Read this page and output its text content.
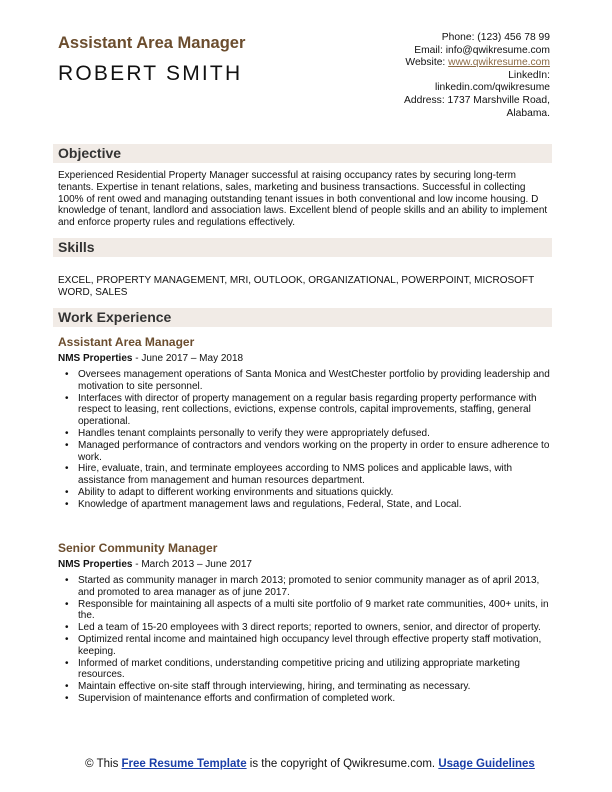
Assistant Area Manager
ROBERT SMITH
Phone: (123) 456 78 99
Email: info@qwikresume.com
Website: www.qwikresume.com
LinkedIn:
linkedin.com/qwikresume
Address: 1737 Marshville Road,
Alabama.
Objective
Experienced Residential Property Manager successful at raising occupancy rates by securing long-term tenants. Expertise in tenant relations, sales, marketing and business transactions. Successful in collecting 100% of rent owed and managing outstanding tenant issues in both conventional and low income housing. D knowledge of tenant, landlord and association laws. Excellent blend of people skills and an ability to implement and enforce property rules and regulations effectively.
Skills
EXCEL, PROPERTY MANAGEMENT, MRI, OUTLOOK, ORGANIZATIONAL, POWERPOINT, MICROSOFT WORD, SALES
Work Experience
Assistant Area Manager
NMS Properties - June 2017 – May 2018
• Oversees management operations of Santa Monica and WestChester portfolio by providing leadership and motivation to site personnel.
• Interfaces with director of property management on a regular basis regarding property performance with respect to leasing, rent collections, evictions, expense controls, capital improvements, staffing, general operational.
• Handles tenant complaints personally to verify they were appropriately defused.
• Managed performance of contractors and vendors working on the property in order to ensure adherence to work.
• Hire, evaluate, train, and terminate employees according to NMS polices and applicable laws, with assistance from management and human resources department.
• Ability to adapt to different working environments and situations quickly.
• Knowledge of apartment management laws and regulations, Federal, State, and Local.
Senior Community Manager
NMS Properties - March 2013 – June 2017
• Started as community manager in march 2013; promoted to senior community manager as of april 2013, and promoted to area manager as of june 2017.
• Responsible for maintaining all aspects of a multi site portfolio of 9 market rate communities, 400+ units, in the.
• Led a team of 15-20 employees with 3 direct reports; reported to owners, senior, and director of property.
• Optimized rental income and maintained high occupancy level through effective property staff motivation, keeping.
• Informed of market conditions, understanding competitive pricing and utilizing appropriate marketing resources.
• Maintain effective on-site staff through interviewing, hiring, and terminating as necessary.
• Supervision of maintenance efforts and confirmation of completed work.
© This Free Resume Template is the copyright of Qwikresume.com. Usage Guidelines
